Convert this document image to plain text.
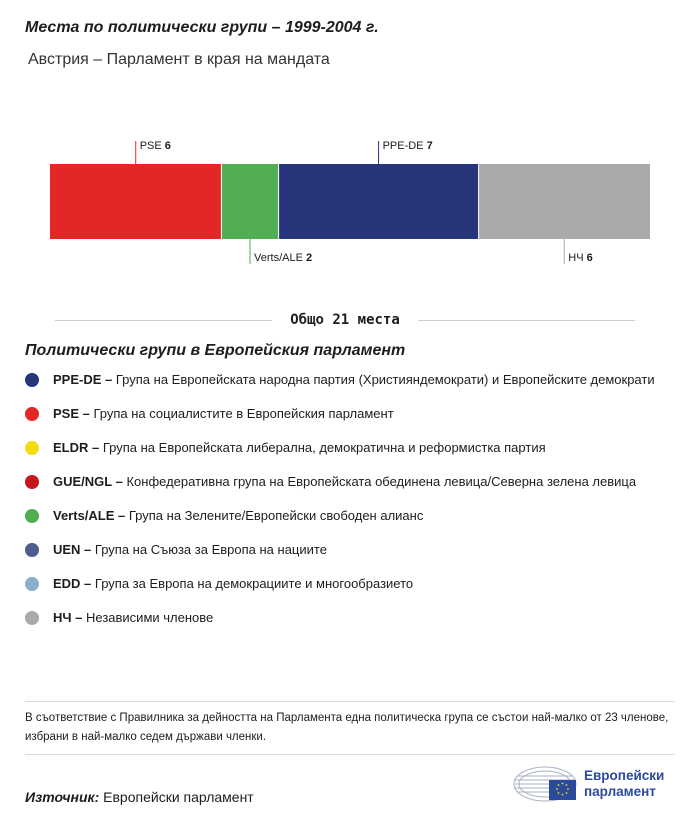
Места по политически групи – 1999-2004 г.
Австрия – Парламент в края на мандата
PSE 6
Verts/ALE 2
PPE-DE 7
НЧ 6
Общо 21 места
Политически групи в Европейския парламент
PPE-DE – Група на Европейската народна партия (Християндемократи) и Европейските демократи
PSE – Група на социалистите в Европейския парламент
ELDR – Група на Европейската либерална, демократична и реформистка партия
GUE/NGL – Конфедеративна група на Европейската обединена левица/Северна зелена левица
Verts/ALE – Група на Зелените/Европейски свободен алианс
UEN – Група на Съюза за Европа на нациите
EDD – Група за Европа на демокрациите и многообразието
НЧ – Независими членове
В съответствие с Правилника за дейността на Парламента една политическа група се състои най-малко от 23 членове, избрани в най-малко седем държави членки.
Източник: Европейски парламент
Европейски
парламент
